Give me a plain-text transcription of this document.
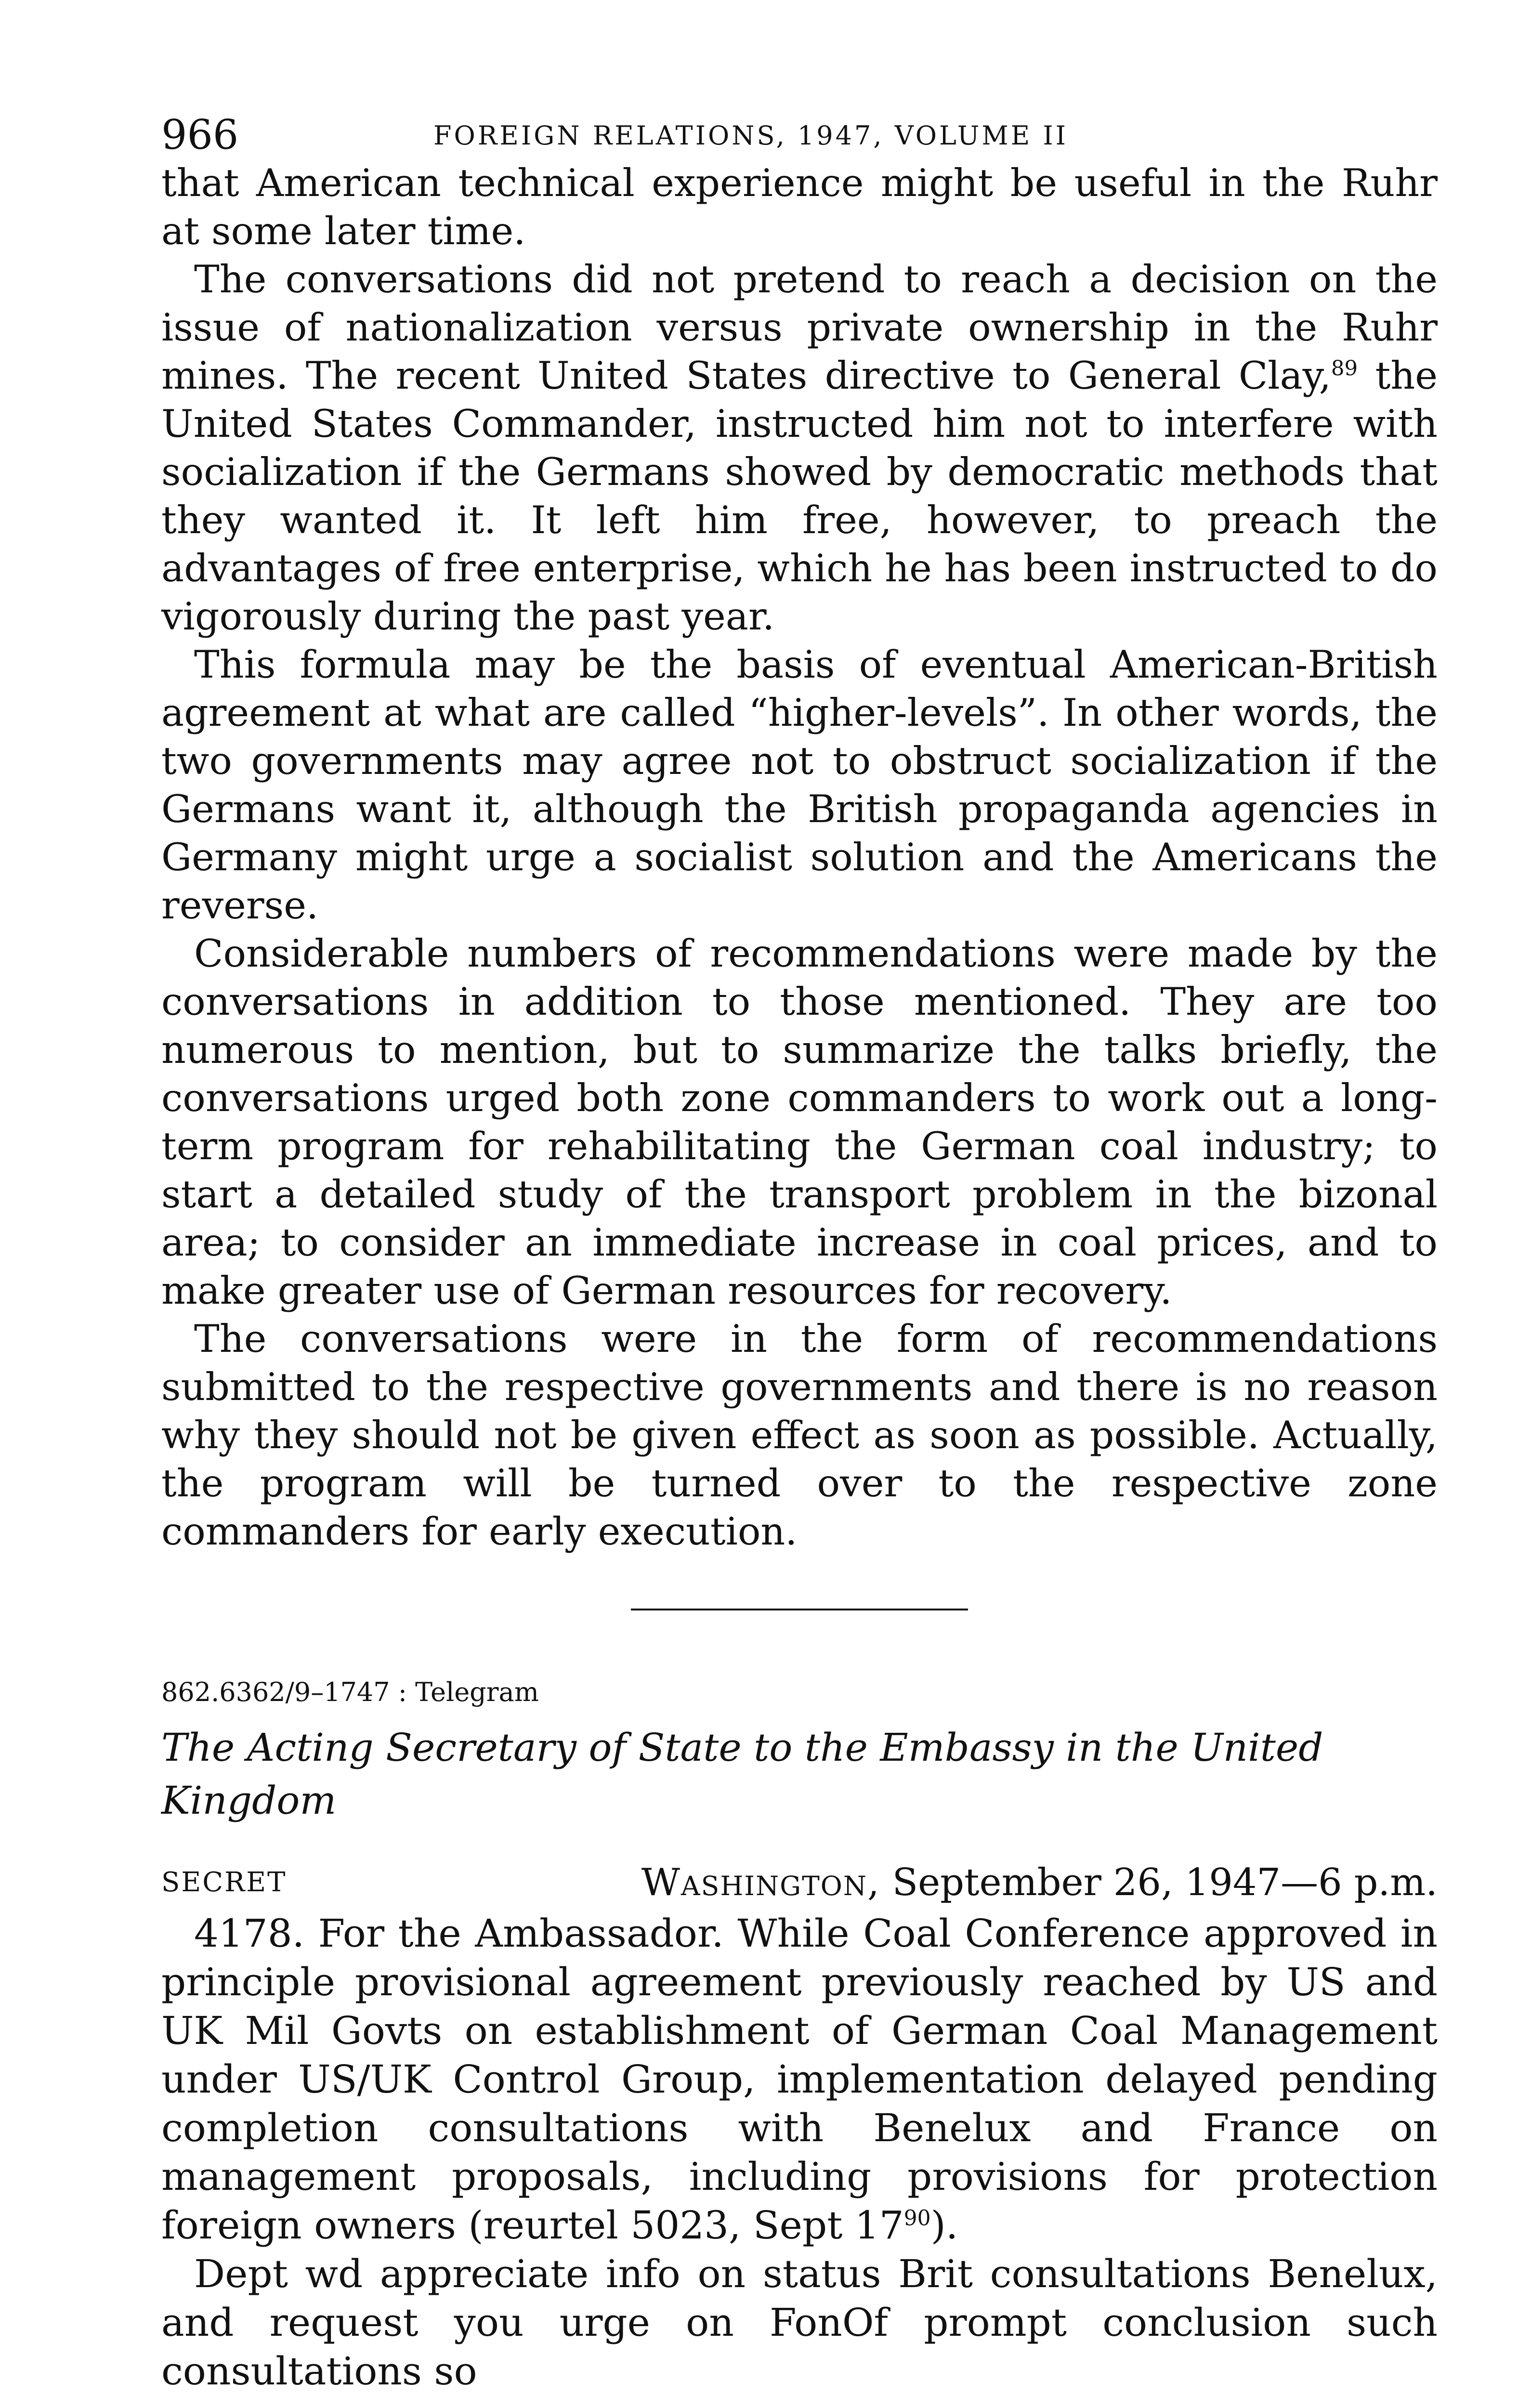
966	FOREIGN RELATIONS, 1947, VOLUME II

that American technical experience might be useful in the Ruhr at some later time.

The conversations did not pretend to reach a decision on the issue of nationalization versus private ownership in the Ruhr mines. The recent United States directive to General Clay,$^{89}$ the United States Commander, instructed him not to interfere with socialization if the Germans showed by democratic methods that they wanted it. It left him free, however, to preach the advantages of free enterprise, which he has been instructed to do vigorously during the past year.

This formula may be the basis of eventual American-British agreement at what are called “higher-levels”. In other words, the two governments may agree not to obstruct socialization if the Germans want it, although the British propaganda agencies in Germany might urge a socialist solution and the Americans the reverse.

Considerable numbers of recommendations were made by the conversations in addition to those mentioned. They are too numerous to mention, but to summarize the talks briefly, the conversations urged both zone commanders to work out a long-term program for rehabilitating the German coal industry; to start a detailed study of the transport problem in the bizonal area; to consider an immediate increase in coal prices, and to make greater use of German resources for recovery.

The conversations were in the form of recommendations submitted to the respective governments and there is no reason why they should not be given effect as soon as possible. Actually, the program will be turned over to the respective zone commanders for early execution.

862.6362/9–1747 : Telegram
The Acting Secretary of State to the Embassy in the United Kingdom
SECRET	Washington, September 26, 1947—6 p.m.

4178. For the Ambassador. While Coal Conference approved in principle provisional agreement previously reached by US and UK Mil Govts on establishment of German Coal Management under US/UK Control Group, implementation delayed pending completion consultations with Benelux and France on management proposals, including provisions for protection foreign owners (reurtel 5023, Sept $17^{90}$).

Dept wd appreciate info on status Brit consultations Benelux, and request you urge on FonOf prompt conclusion such consultations so
